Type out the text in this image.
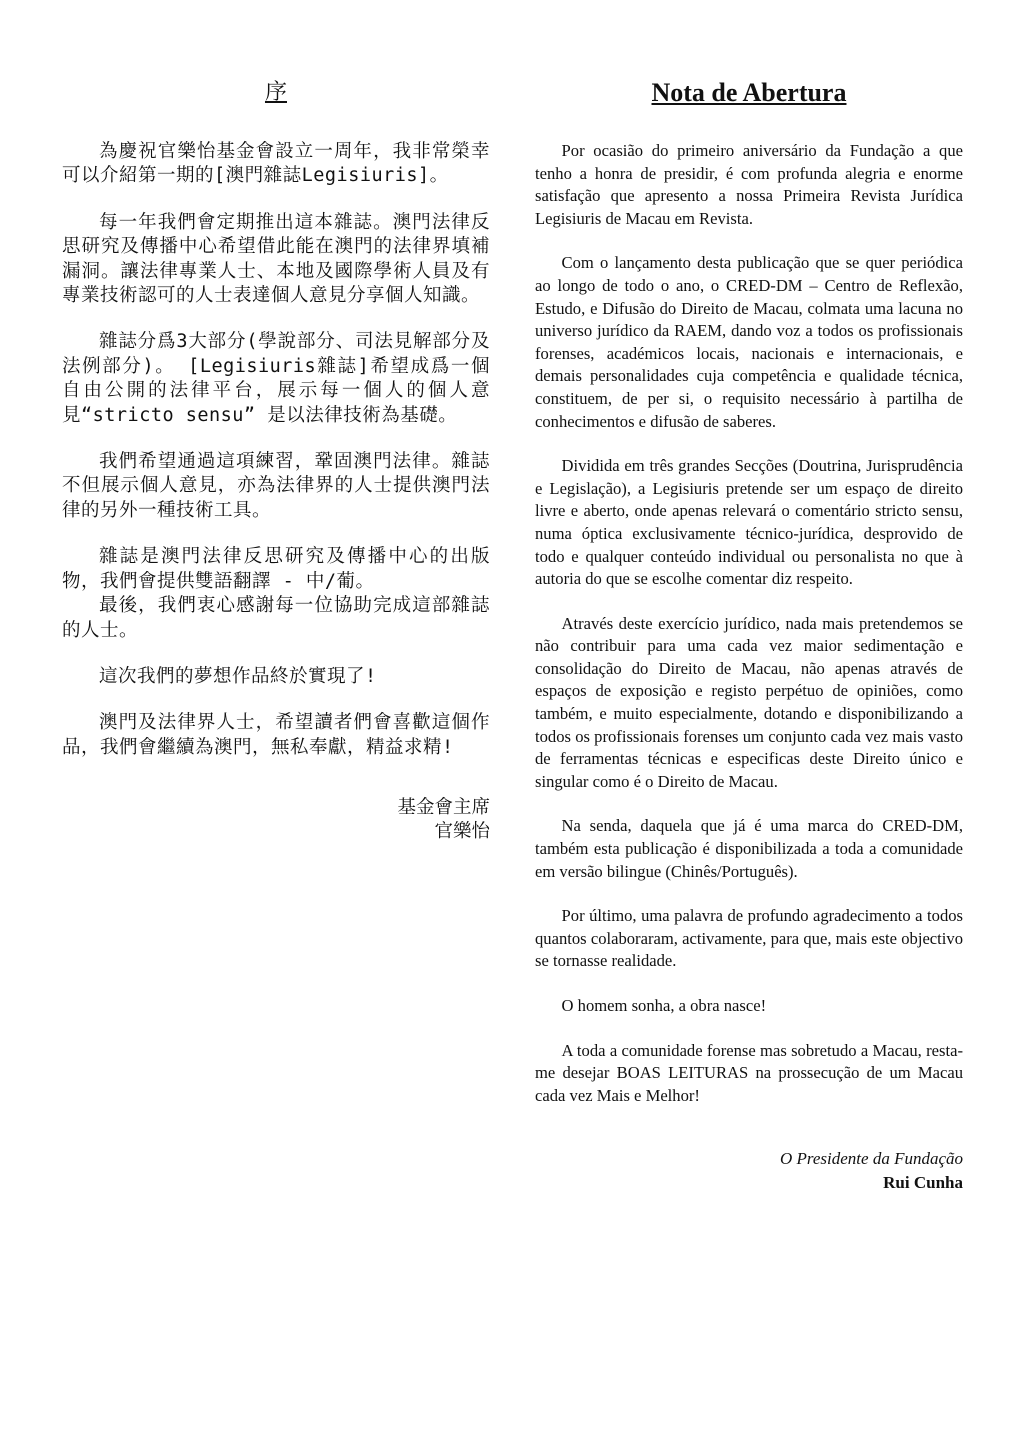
序

為慶祝官樂怡基金會設立一周年，我非常榮幸可以介紹第一期的[澳門雜誌Legisiuris]。

每一年我們會定期推出這本雜誌。澳門法律反思研究及傳播中心希望借此能在澳門的法律界填補漏洞。讓法律專業人士、本地及國際學術人員及有專業技術認可的人士表達個人意見分享個人知識。

雜誌分爲3大部分(學說部分、司法見解部分及法例部分)。 [Legisiuris雜誌]希望成爲一個自由公開的法律平台，展示每一個人的個人意見“stricto sensu” 是以法律技術為基礎。

我們希望通過這項練習，鞏固澳門法律。雜誌不但展示個人意見，亦為法律界的人士提供澳門法律的另外一種技術工具。

雜誌是澳門法律反思研究及傳播中心的出版物，我們會提供雙語翻譯 - 中/葡。

最後，我們衷心感謝每一位協助完成這部雜誌的人士。

這次我們的夢想作品終於實現了!

澳門及法律界人士，希望讀者們會喜歡這個作品，我們會繼續為澳門，無私奉獻，精益求精!

基金會主席
官樂怡
Nota de Abertura

Por ocasião do primeiro aniversário da Fundação a que tenho a honra de presidir, é com profunda alegria e enorme satisfação que apresento a nossa Primeira Revista Jurídica Legisiuris de Macau em Revista.

Com o lançamento desta publicação que se quer periódica ao longo de todo o ano, o CRED-DM – Centro de Reflexão, Estudo, e Difusão do Direito de Macau, colmata uma lacuna no universo jurídico da RAEM, dando voz a todos os profissionais forenses, académicos locais, nacionais e internacionais, e demais personalidades cuja competência e qualidade técnica, constituem, de per si, o requisito necessário à partilha de conhecimentos e difusão de saberes.

Dividida em três grandes Secções (Doutrina, Jurisprudência e Legislação), a Legisiuris pretende ser um espaço de direito livre e aberto, onde apenas relevará o comentário stricto sensu, numa óptica exclusivamente técnico-jurídica, desprovido de todo e qualquer conteúdo individual ou personalista no que à autoria do que se escolhe comentar diz respeito.

Através deste exercício jurídico, nada mais pretendemos se não contribuir para uma cada vez maior sedimentação e consolidação do Direito de Macau, não apenas através de espaços de exposição e registo perpétuo de opiniões, como também, e muito especialmente, dotando e disponibilizando a todos os profissionais forenses um conjunto cada vez mais vasto de ferramentas técnicas e especificas deste Direito único e singular como é o Direito de Macau.

Na senda, daquela que já é uma marca do CRED-DM, também esta publicação é disponibilizada a toda a comunidade em versão bilingue (Chinês/Português).

Por último, uma palavra de profundo agradecimento a todos quantos colaboraram, activamente, para que, mais este objectivo se tornasse realidade.

O homem sonha, a obra nasce!

A toda a comunidade forense mas sobretudo a Macau, resta-me desejar BOAS LEITURAS na prossecução de um Macau cada vez Mais e Melhor!

O Presidente da Fundação
Rui Cunha
